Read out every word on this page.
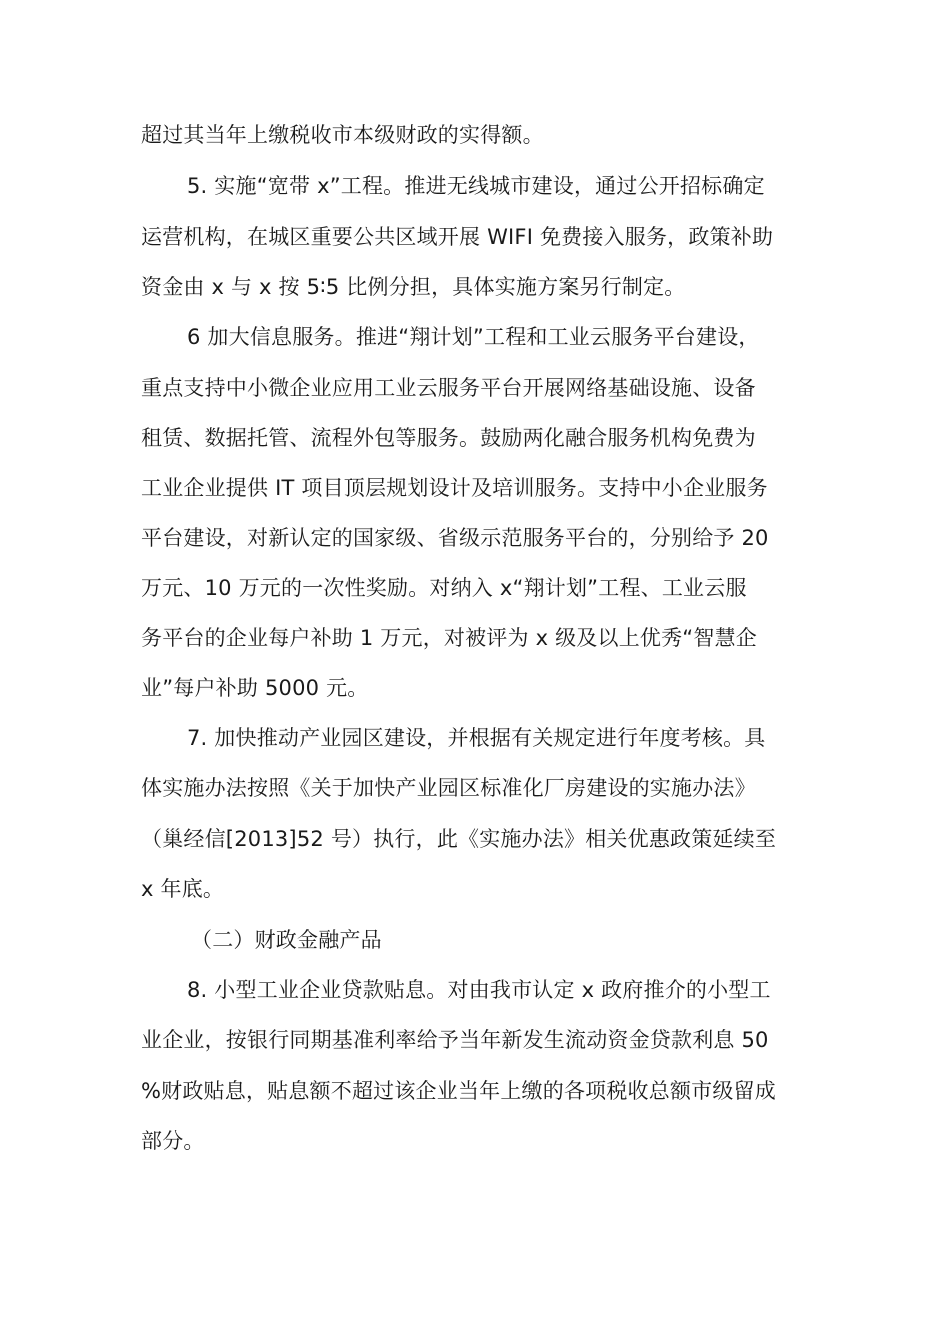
超过其当年上缴税收市本级财政的实得额。
5. 实施“宽带 x”工程。推进无线城市建设，通过公开招标确定
运营机构，在城区重要公共区域开展 WIFI 免费接入服务，政策补助
资金由 x 与 x 按 5∶5 比例分担，具体实施方案另行制定。
6 加大信息服务。推进“翔计划”工程和工业云服务平台建设，
重点支持中小微企业应用工业云服务平台开展网络基础设施、设备
租赁、数据托管、流程外包等服务。鼓励两化融合服务机构免费为
工业企业提供 IT 项目顶层规划设计及培训服务。支持中小企业服务
平台建设，对新认定的国家级、省级示范服务平台的，分别给予 20
万元、10 万元的一次性奖励。对纳入 x“翔计划”工程、工业云服
务平台的企业每户补助 1 万元，对被评为 x 级及以上优秀“智慧企
业”每户补助 5000 元。
7. 加快推动产业园区建设，并根据有关规定进行年度考核。具
体实施办法按照《关于加快产业园区标准化厂房建设的实施办法》
（巢经信[2013]52 号）执行，此《实施办法》相关优惠政策延续至
x 年底。
（二）财政金融产品
8. 小型工业企业贷款贴息。对由我市认定 x 政府推介的小型工
业企业，按银行同期基准利率给予当年新发生流动资金贷款利息 50
%财政贴息，贴息额不超过该企业当年上缴的各项税收总额市级留成
部分。
